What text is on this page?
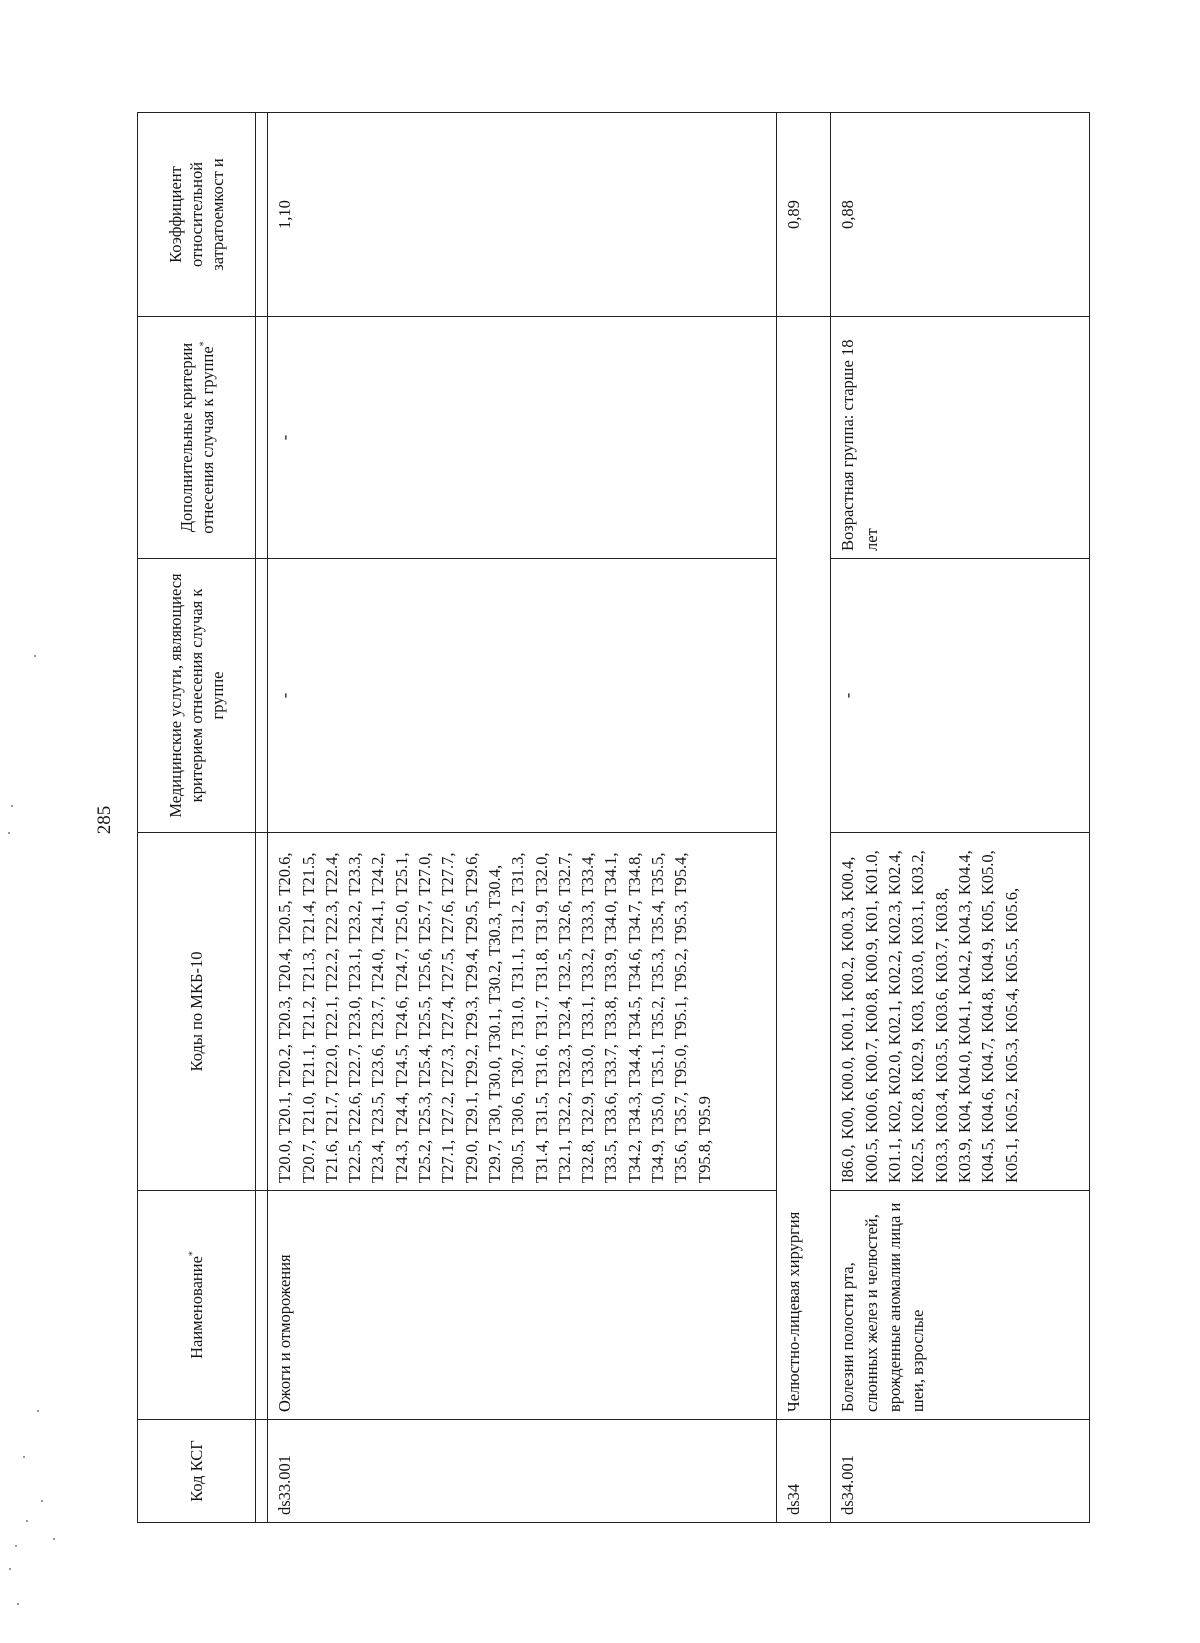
285
Код КСГ	Наименование*	Коды по МКБ-10	Медицинские услуги, являющиеся критерием отнесения случая к группе	Дополнительные критерии отнесения случая к группе*	Коэффициент относительной затратоемкост и

ds33.001	Ожоги и отморожения	T20.0, T20.1, T20.2, T20.3, T20.4, T20.5, T20.6, T20.7, T21.0, T21.1, T21.2, T21.3, T21.4, T21.5, T21.6, T21.7, T22.0, T22.1, T22.2, T22.3, T22.4, T22.5, T22.6, T22.7, T23.0, T23.1, T23.2, T23.3, T23.4, T23.5, T23.6, T23.7, T24.0, T24.1, T24.2, T24.3, T24.4, T24.5, T24.6, T24.7, T25.0, T25.1, T25.2, T25.3, T25.4, T25.5, T25.6, T25.7, T27.0, T27.1, T27.2, T27.3, T27.4, T27.5, T27.6, T27.7, T29.0, T29.1, T29.2, T29.3, T29.4, T29.5, T29.6, T29.7, T30, T30.0, T30.1, T30.2, T30.3, T30.4, T30.5, T30.6, T30.7, T31.0, T31.1, T31.2, T31.3, T31.4, T31.5, T31.6, T31.7, T31.8, T31.9, T32.0, T32.1, T32.2, T32.3, T32.4, T32.5, T32.6, T32.7, T32.8, T32.9, T33.0, T33.1, T33.2, T33.3, T33.4, T33.5, T33.6, T33.7, T33.8, T33.9, T34.0, T34.1, T34.2, T34.3, T34.4, T34.5, T34.6, T34.7, T34.8, T34.9, T35.0, T35.1, T35.2, T35.3, T35.4, T35.5, T35.6, T35.7, T95.0, T95.1, T95.2, T95.3, T95.4, T95.8, T95.9	-	-	1,10
ds34	Челюстно-лицевая хирургия				0,89
ds34.001	Болезни полости рта, слюнных желез и челюстей, врожденные аномалии лица и шеи, взрослые	I86.0, K00, K00.0, K00.1, K00.2, K00.3, K00.4, K00.5, K00.6, K00.7, K00.8, K00.9, K01, K01.0, K01.1, K02, K02.0, K02.1, K02.2, K02.3, K02.4, K02.5, K02.8, K02.9, K03, K03.0, K03.1, K03.2, K03.3, K03.4, K03.5, K03.6, K03.7, K03.8, K03.9, K04, K04.0, K04.1, K04.2, K04.3, K04.4, K04.5, K04.6, K04.7, K04.8, K04.9, K05, K05.0, K05.1, K05.2, K05.3, K05.4, K05.5, K05.6,	-	Возрастная группа: старше 18 лет	0,88
